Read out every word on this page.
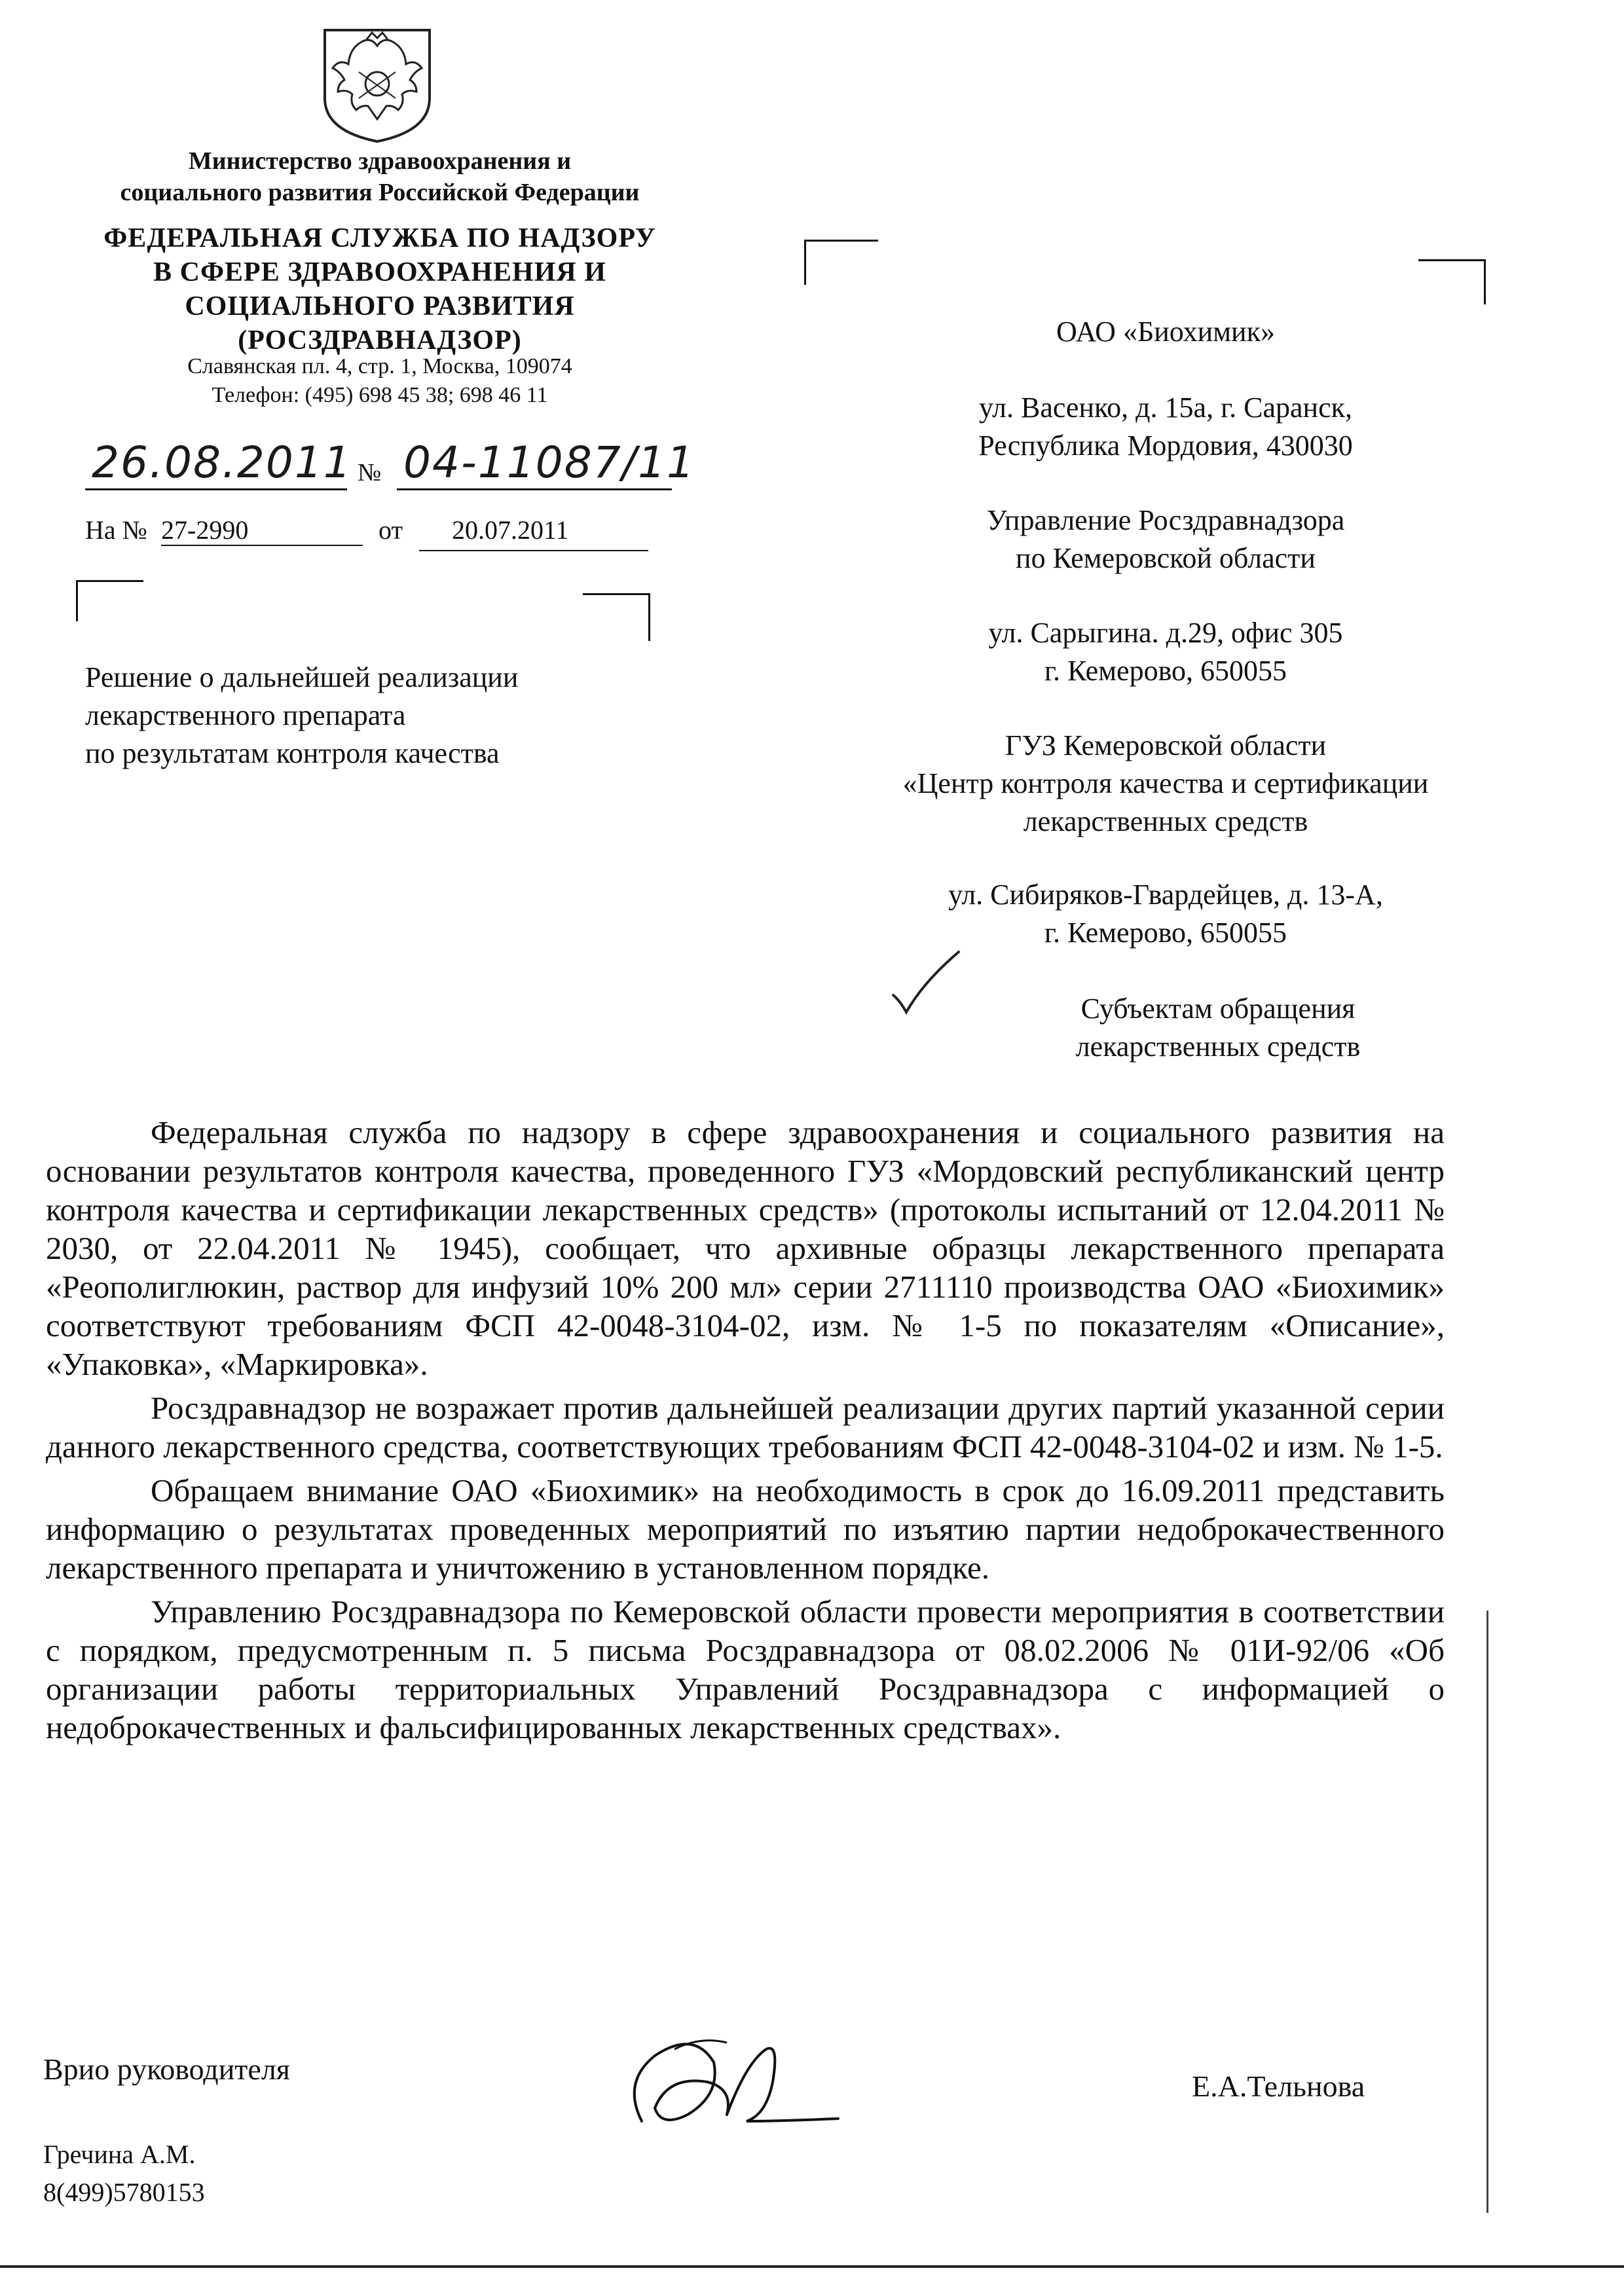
Министерство здравоохранения и
социального развития Российской Федерации
ФЕДЕРАЛЬНАЯ СЛУЖБА ПО НАДЗОРУ
В СФЕРЕ ЗДРАВООХРАНЕНИЯ И
СОЦИАЛЬНОГО РАЗВИТИЯ
(РОСЗДРАВНАДЗОР)
Славянская пл. 4, стр. 1, Москва, 109074
Телефон: (495) 698 45 38; 698 46 11
26.08.2011 № 04-11087/11
На № 27-2990	от 20.07.2011
Решение о дальнейшей реализации
лекарственного препарата
по результатам контроля качества
ОАО «Биохимик»
ул. Васенко, д. 15а, г. Саранск,
Республика Мордовия, 430030
Управление Росздравнадзора
по Кемеровской области
ул. Сарыгина. д.29, офис 305
г. Кемерово, 650055
ГУЗ Кемеровской области
«Центр контроля качества и сертификации
лекарственных средств
ул. Сибиряков-Гвардейцев, д. 13-А,
г. Кемерово, 650055
Субъектам обращения
лекарственных средств

Федеральная служба по надзору в сфере здравоохранения и социального развития на основании результатов контроля качества, проведенного ГУЗ «Мордовский республиканский центр контроля качества и сертификации лекарственных средств» (протоколы испытаний от 12.04.2011 № 2030, от 22.04.2011 № 1945), сообщает, что архивные образцы лекарственного препарата «Реополиглюкин, раствор для инфузий 10% 200 мл» серии 2711110 производства ОАО «Биохимик» соответствуют требованиям ФСП 42-0048-3104-02, изм. № 1-5 по показателям «Описание», «Упаковка», «Маркировка».

Росздравнадзор не возражает против дальнейшей реализации других партий указанной серии данного лекарственного средства, соответствующих требованиям ФСП 42-0048-3104-02 и изм. № 1-5.

Обращаем внимание ОАО «Биохимик» на необходимость в срок до 16.09.2011 представить информацию о результатах проведенных мероприятий по изъятию партии недоброкачественного лекарственного препарата и уничтожению в установленном порядке.

Управлению Росздравнадзора по Кемеровской области провести мероприятия в соответствии с порядком, предусмотренным п. 5 письма Росздравнадзора от 08.02.2006 № 01И-92/06 «Об организации работы территориальных Управлений Росздравнадзора с информацией о недоброкачественных и фальсифицированных лекарственных средствах».

Врио руководителя
Е.А.Тельнова
Гречина А.М.
8(499)5780153
